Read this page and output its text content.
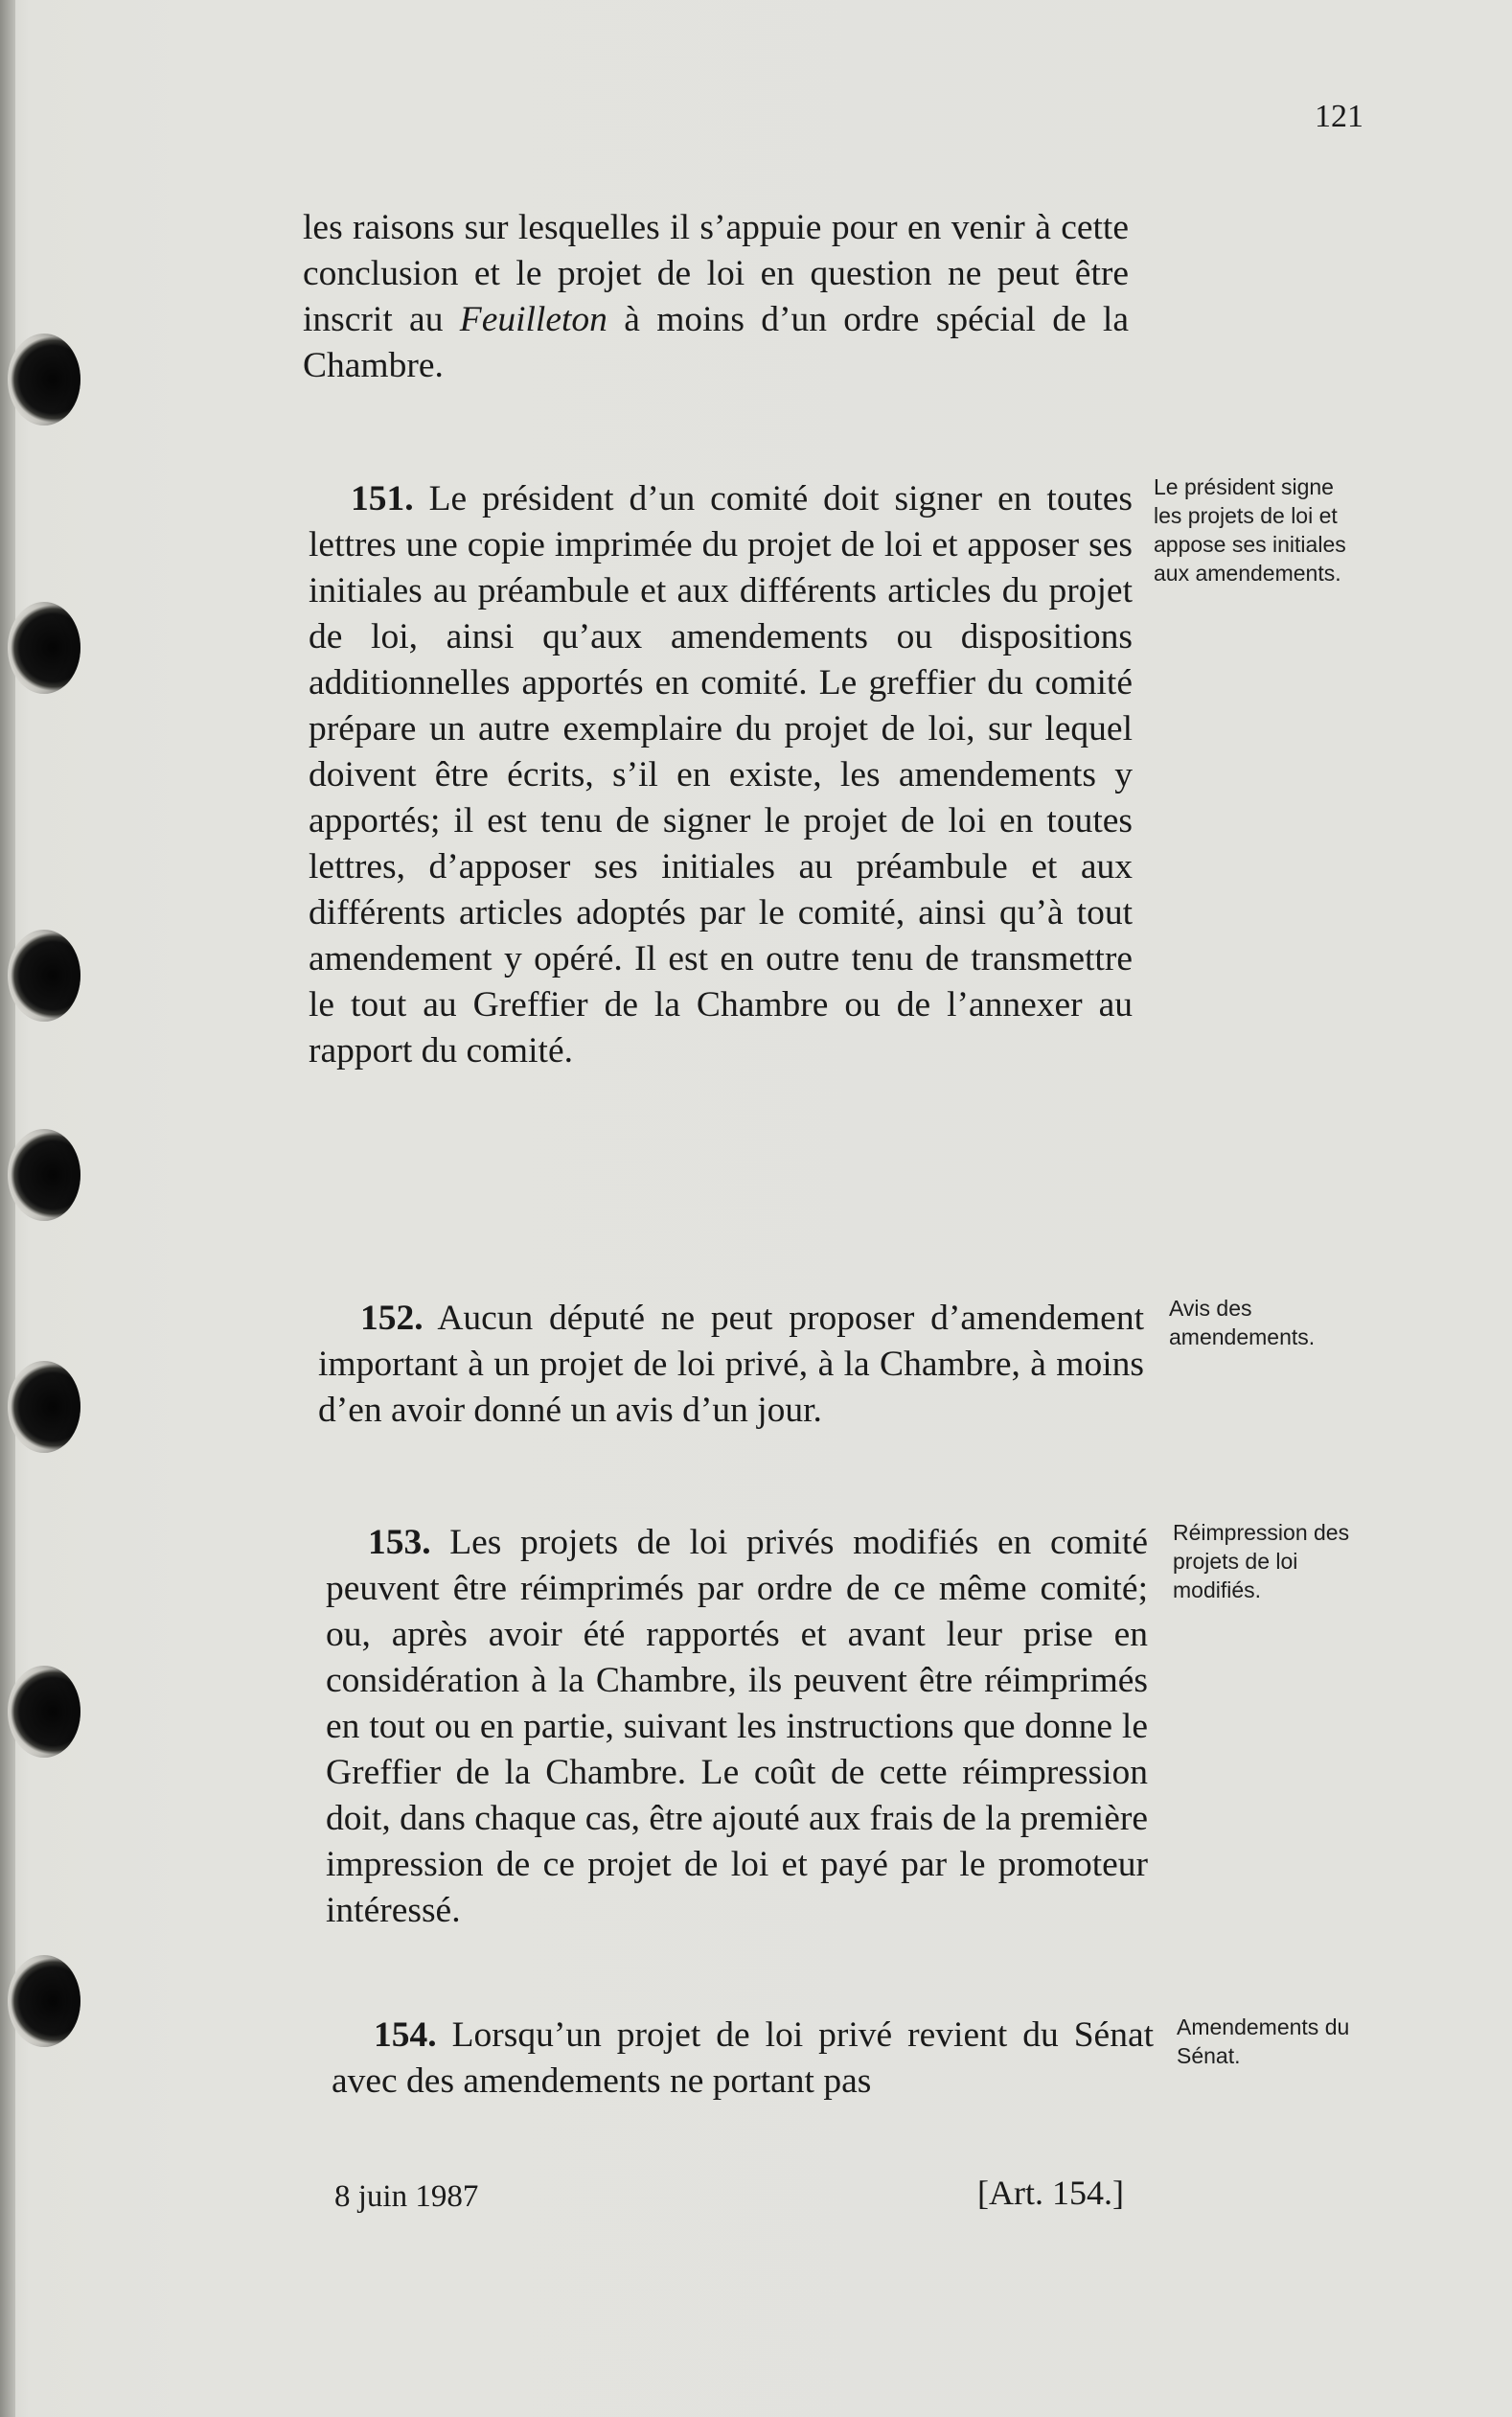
121

les raisons sur lesquelles il s’appuie pour en venir à cette conclusion et le projet de loi en question ne peut être inscrit au Feuilleton à moins d’un ordre spécial de la Chambre.

151. Le président d’un comité doit signer en toutes lettres une copie imprimée du projet de loi et apposer ses initiales au préambule et aux différents articles du projet de loi, ainsi qu’aux amendements ou dispositions additionnelles apportés en comité. Le greffier du comité prépare un autre exemplaire du projet de loi, sur lequel doivent être écrits, s’il en existe, les amendements y apportés; il est tenu de signer le projet de loi en toutes lettres, d’apposer ses initiales au préambule et aux différents articles adoptés par le comité, ainsi qu’à tout amendement y opéré. Il est en outre tenu de transmettre le tout au Greffier de la Chambre ou de l’annexer au rapport du comité.

152. Aucun député ne peut proposer d’amendement important à un projet de loi privé, à la Chambre, à moins d’en avoir donné un avis d’un jour.

153. Les projets de loi privés modifiés en comité peuvent être réimprimés par ordre de ce même comité; ou, après avoir été rapportés et avant leur prise en considération à la Chambre, ils peuvent être réimprimés en tout ou en partie, suivant les instructions que donne le Greffier de la Chambre. Le coût de cette réimpression doit, dans chaque cas, être ajouté aux frais de la première impression de ce projet de loi et payé par le promoteur intéressé.

154. Lorsqu’un projet de loi privé revient du Sénat avec des amendements ne portant pas

Le président signe les projets de loi et appose ses initiales aux amendements.

Avis des amendements.

Réimpression des projets de loi modifiés.

Amendements du Sénat.

8 juin 1987	[Art. 154.]
